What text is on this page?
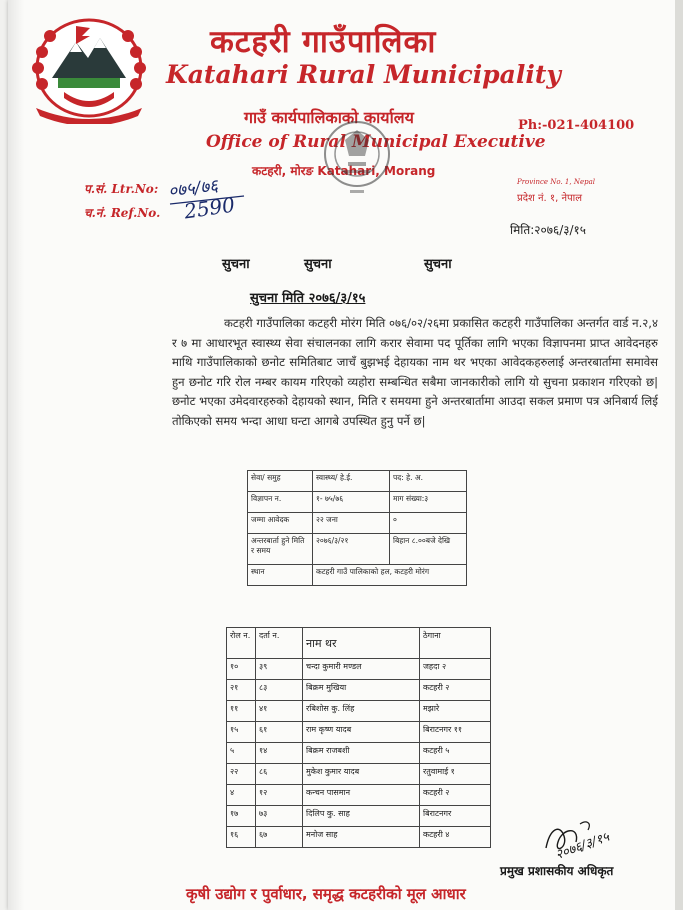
कटहरी गाउँपालिका
Katahari Rural Municipality
गाउँ कार्यपालिकाको कार्यालय
Office of Rural Municipal Executive
कटहरी, मोरङ Katahari, Morang
Ph:-021-404100
Province No. 1, Nepal
प्रदेश नं. १, नेपाल
प.सं. Ltr.No: ०७५/७६
च.नं. Ref.No. 2590
मिति:२०७६/३/१५
सुचना	सुचना	सुचना
सुचना मिति २०७६/३/१५
कटहरी गाउँपालिका कटहरी मोरंग मिति ०७६/०२/२६मा प्रकासित कटहरी गाउँपालिका अन्तर्गत वार्ड न.२,४ र ७ मा आधारभूत स्वास्थ्य सेवा संचालनका लागि करार सेवामा पद पूर्तिका लागि भएका विज्ञापनमा प्राप्त आवेदनहरु माथि गाउँपालिकाको छनोट समितिबाट जाचँ बुझभई देहायका नाम थर भएका आवेदकहरुलाई अन्तरबार्तामा समावेस हुन छनोट गरि रोल नम्बर कायम गरिएको व्यहोरा सम्बन्धित सबैमा जानकारीको लागि यो सुचना प्रकाशन गरिएको छ| छनोट भएका उमेदवारहरुको देहायको स्थान, मिति र समयमा हुने अन्तरबार्तामा आउदा सकल प्रमाण पत्र अनिबार्य लिई तोकिएको समय भन्दा आधा घन्टा आगबे उपस्थित हुनु पर्ने छ|
सेवा/ समुह	स्वास्थ्य/ हे.ई.	पद: हे. अ.
विज्ञापन न.	१- ७५/७६	माग संख्या:३
जम्मा आवेदक	२२ जना	०
अन्तरबार्ता हुने मिति र समय	२०७६/३/२१	बिहान ८.००बजे देखि
स्थान	कटहरी गाउँ पालिकाको हल, कटहरी मोरंग	
रोल न.	दर्ता न.	नाम थर	ठेगाना
१०	३९	चन्दा कुमारी मण्डल	जहदा २
२१	८३	बिक्रम मुखिया	कटहरी २
११	४१	रबिशोस कु. लिंह	मझारे
१५	६१	राम कृष्ण यादब	बिराटनगर ११
५	१४	बिक्रम राजबशी	कटहरी ५
२२	८६	मुकेश कुमार यादब	रतुवामाई १
४	१२	कन्चन पासमान	कटहरी २
१७	७३	दिलिप कु. साह	बिराटनगर
१६	६७	मनोज साह	कटहरी ४	२०७६/३/१५
प्रमुख प्रशासकीय अधिकृत
कृषी उद्योग र पुर्वाधार, समृद्ध कटहरीको मूल आधार
